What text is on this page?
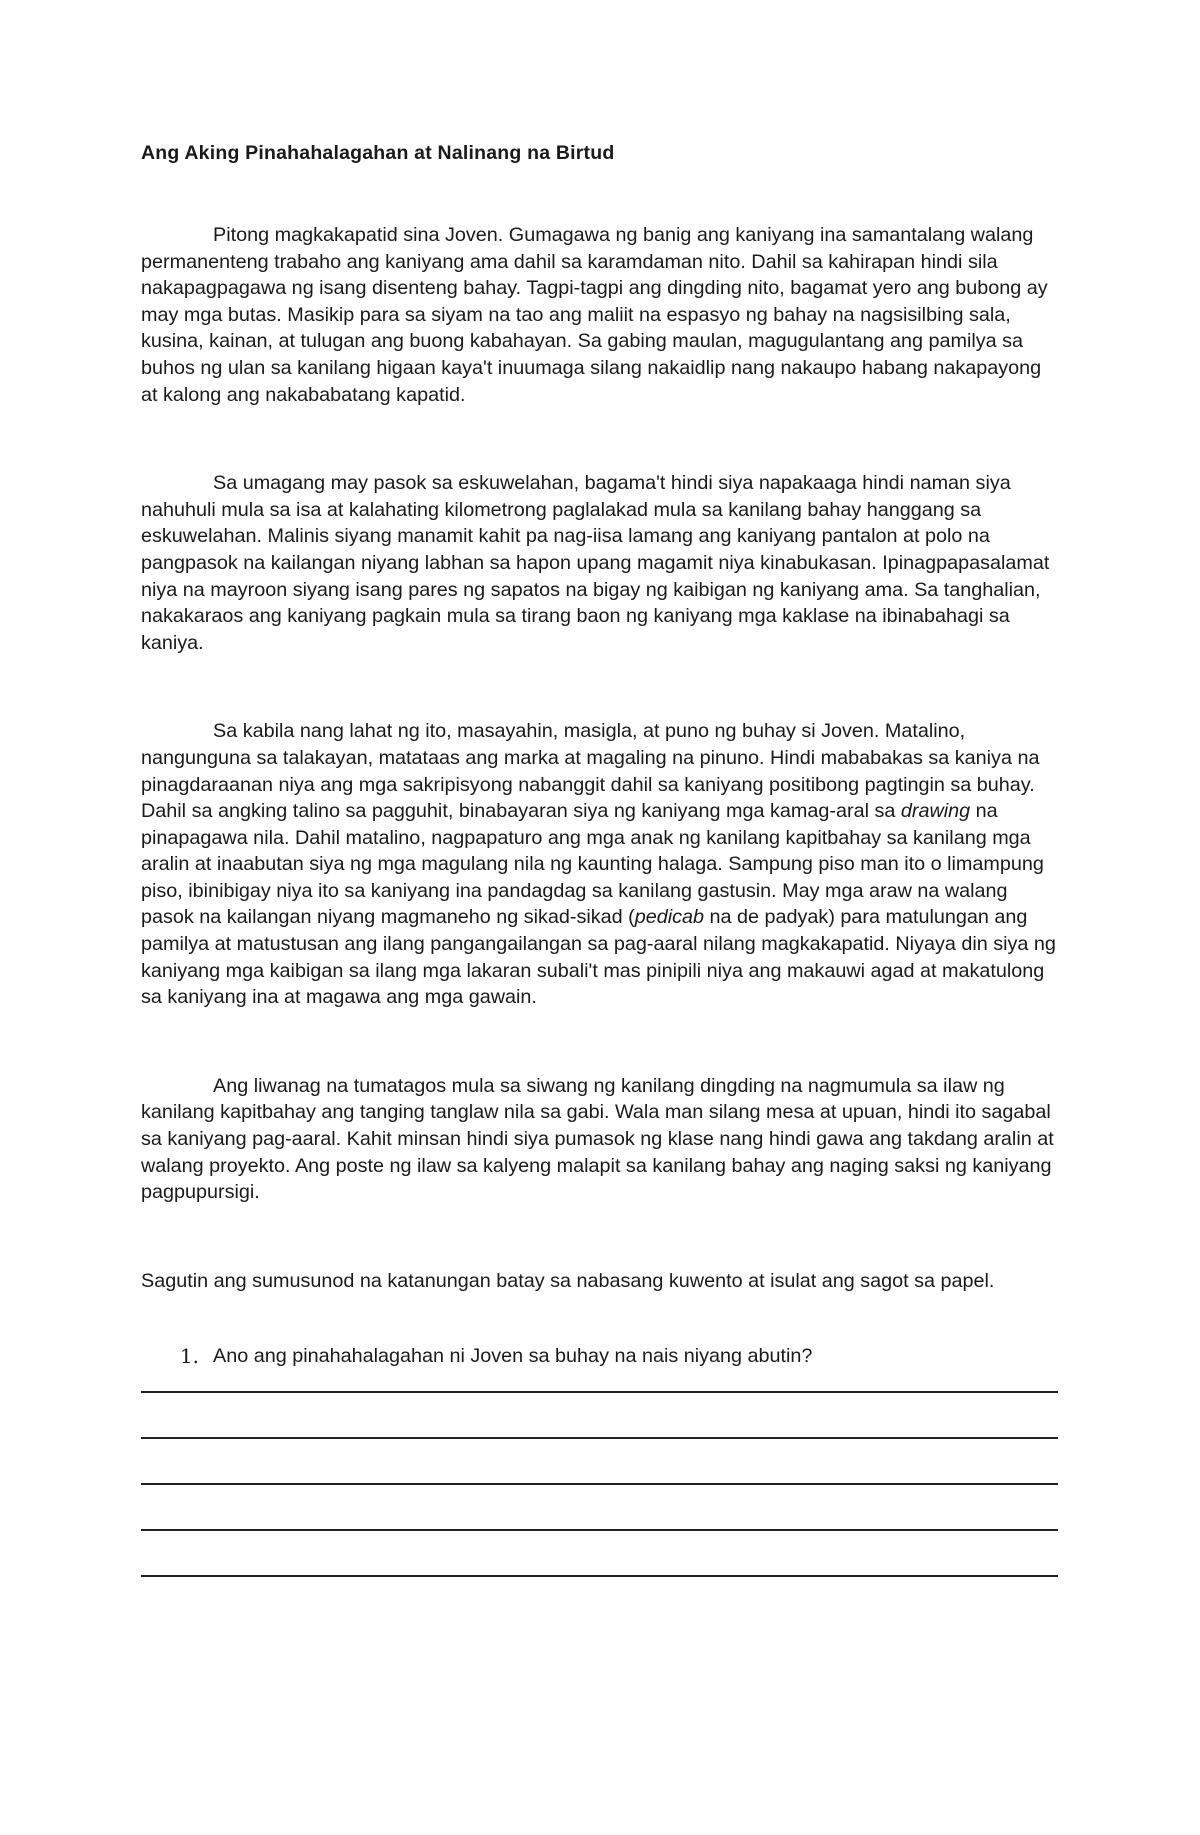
Ang Aking Pinahahalagahan at Nalinang na Birtud

Pitong magkakapatid sina Joven. Gumagawa ng banig ang kaniyang ina samantalang walang permanenteng trabaho ang kaniyang ama dahil sa karamdaman nito. Dahil sa kahirapan hindi sila nakapagpagawa ng isang disenteng bahay. Tagpi-tagpi ang dingding nito, bagamat yero ang bubong ay may mga butas. Masikip para sa siyam na tao ang maliit na espasyo ng bahay na nagsisilbing sala, kusina, kainan, at tulugan ang buong kabahayan. Sa gabing maulan, magugulantang ang pamilya sa buhos ng ulan sa kanilang higaan kaya't inuumaga silang nakaidlip nang nakaupo habang nakapayong at kalong ang nakababatang kapatid.

Sa umagang may pasok sa eskuwelahan, bagama't hindi siya napakaaga hindi naman siya nahuhuli mula sa isa at kalahating kilometrong paglalakad mula sa kanilang bahay hanggang sa eskuwelahan. Malinis siyang manamit kahit pa nag-iisa lamang ang kaniyang pantalon at polo na pangpasok na kailangan niyang labhan sa hapon upang magamit niya kinabukasan. Ipinagpapasalamat niya na mayroon siyang isang pares ng sapatos na bigay ng kaibigan ng kaniyang ama. Sa tanghalian, nakakaraos ang kaniyang pagkain mula sa tirang baon ng kaniyang mga kaklase na ibinabahagi sa kaniya.

Sa kabila nang lahat ng ito, masayahin, masigla, at puno ng buhay si Joven. Matalino, nangunguna sa talakayan, matataas ang marka at magaling na pinuno. Hindi mababakas sa kaniya na pinagdaraanan niya ang mga sakripisyong nabanggit dahil sa kaniyang positibong pagtingin sa buhay. Dahil sa angking talino sa pagguhit, binabayaran siya ng kaniyang mga kamag-aral sa drawing na pinapagawa nila. Dahil matalino, nagpapaturo ang mga anak ng kanilang kapitbahay sa kanilang mga aralin at inaabutan siya ng mga magulang nila ng kaunting halaga. Sampung piso man ito o limampung piso, ibinibigay niya ito sa kaniyang ina pandagdag sa kanilang gastusin. May mga araw na walang pasok na kailangan niyang magmaneho ng sikad-sikad (pedicab na de padyak) para matulungan ang pamilya at matustusan ang ilang pangangailangan sa pag-aaral nilang magkakapatid. Niyaya din siya ng kaniyang mga kaibigan sa ilang mga lakaran subali't mas pinipili niya ang makauwi agad at makatulong sa kaniyang ina at magawa ang mga gawain.

Ang liwanag na tumatagos mula sa siwang ng kanilang dingding na nagmumula sa ilaw ng kanilang kapitbahay ang tanging tanglaw nila sa gabi. Wala man silang mesa at upuan, hindi ito sagabal sa kaniyang pag-aaral. Kahit minsan hindi siya pumasok ng klase nang hindi gawa ang takdang aralin at walang proyekto. Ang poste ng ilaw sa kalyeng malapit sa kanilang bahay ang naging saksi ng kaniyang pagpupursigi.

Sagutin ang sumusunod na katanungan batay sa nabasang kuwento at isulat ang sagot sa papel.

1. Ano ang pinahahalagahan ni Joven sa buhay na nais niyang abutin?
